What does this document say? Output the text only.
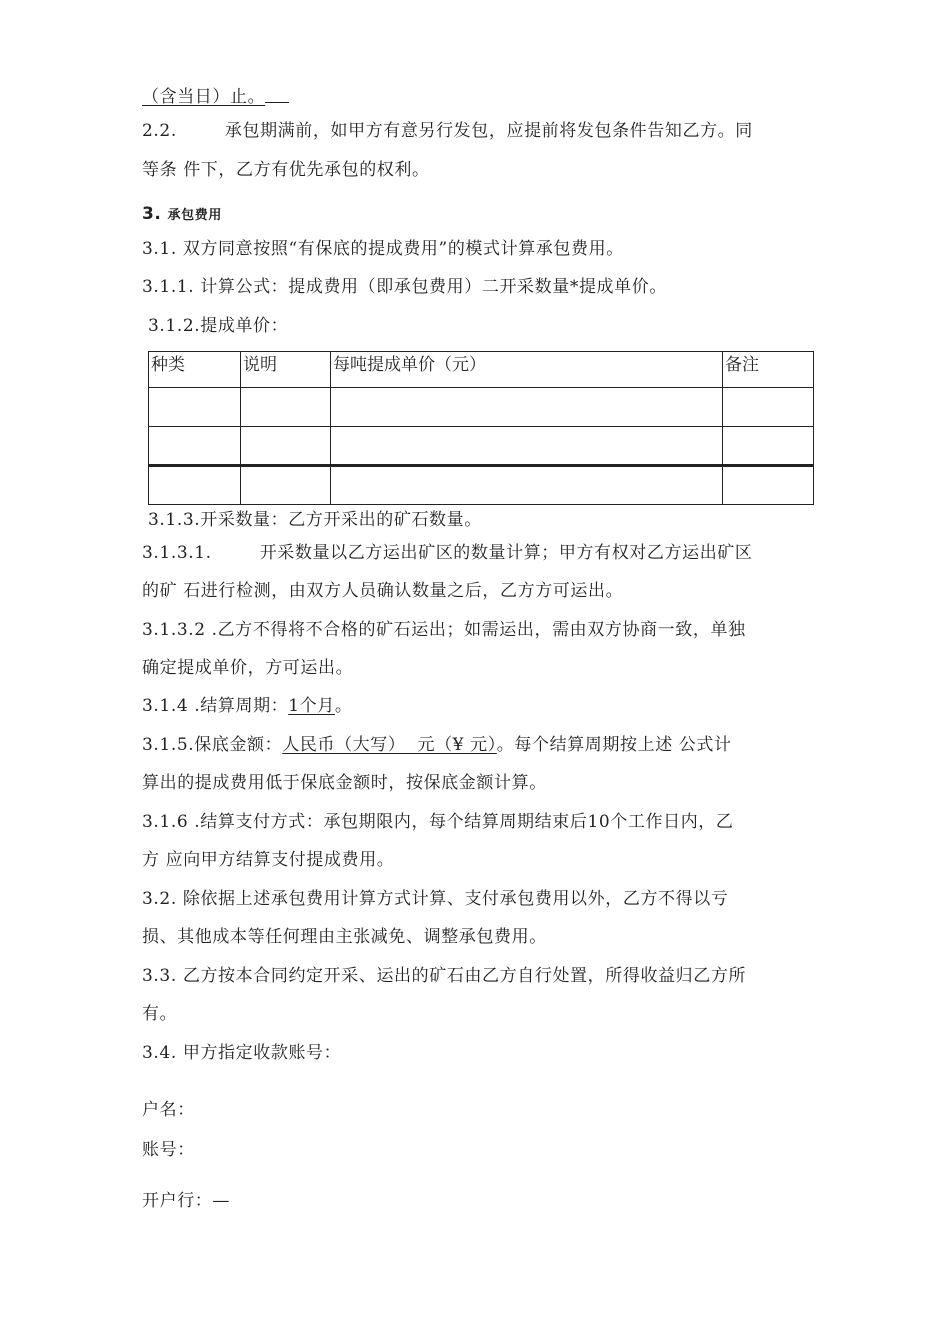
（含当日）止。
2.2.        承包期满前，如甲方有意另行发包，应提前将发包条件告知乙方。同
等条 件下，乙方有优先承包的权利。
3. 承包费用
3.1. 双方同意按照“有保底的提成费用”的模式计算承包费用。
3.1.1. 计算公式：提成费用（即承包费用）二开采数量*提成单价。
3.1.2.提成单价：
种类	说明	每吨提成单价（元）	备注

3.1.3.开采数量：乙方开采出的矿石数量。
3.1.3.1.        开采数量以乙方运出矿区的数量计算；甲方有权对乙方运出矿区
的矿 石进行检测，由双方人员确认数量之后，乙方方可运出。
3.1.3.2 .乙方不得将不合格的矿石运出；如需运出，需由双方协商一致，单独
确定提成单价，方可运出。
3.1.4 .结算周期：1个月。
3.1.5.保底金额：人民币（大写）  元（¥ 元）。每个结算周期按上述 公式计
算出的提成费用低于保底金额时，按保底金额计算。
3.1.6 .结算支付方式：承包期限内，每个结算周期结束后10个工作日内，乙
方 应向甲方结算支付提成费用。
3.2. 除依据上述承包费用计算方式计算、支付承包费用以外，乙方不得以亏
损、其他成本等任何理由主张减免、调整承包费用。
3.3. 乙方按本合同约定开采、运出的矿石由乙方自行处置，所得收益归乙方所
有。
3.4. 甲方指定收款账号：
户名：
账号：
开户行：—
